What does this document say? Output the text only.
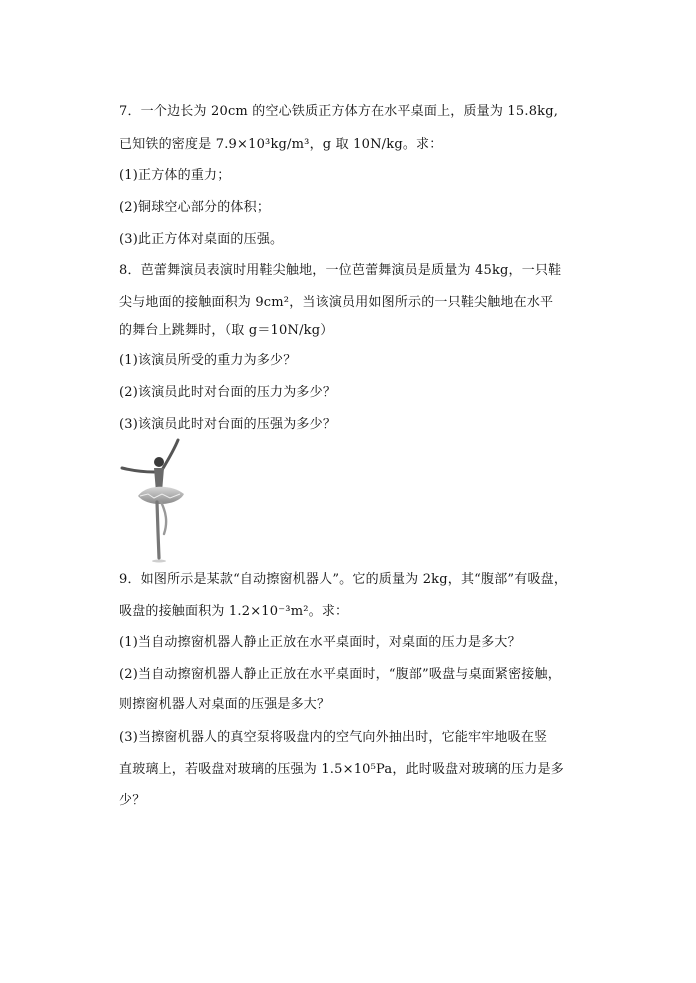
7．一个边长为 20cm 的空心铁质正方体方在水平桌面上，质量为 15.8kg,
已知铁的密度是 7.9×10³kg/m³，g 取 10N/kg。求：
(1)正方体的重力；
(2)铜球空心部分的体积；
(3)此正方体对桌面的压强。
8．芭蕾舞演员表演时用鞋尖触地，一位芭蕾舞演员是质量为 45kg，一只鞋
尖与地面的接触面积为 9cm²，当该演员用如图所示的一只鞋尖触地在水平
的舞台上跳舞时，（取 g＝10N/kg）
(1)该演员所受的重力为多少？
(2)该演员此时对台面的压力为多少？
(3)该演员此时对台面的压强为多少？
9．如图所示是某款“自动擦窗机器人”。它的质量为 2kg，其“腹部”有吸盘，
吸盘的接触面积为 1.2×10⁻³m²。求：
(1)当自动擦窗机器人静止正放在水平桌面时，对桌面的压力是多大？
(2)当自动擦窗机器人静止正放在水平桌面时，“腹部”吸盘与桌面紧密接触，
则擦窗机器人对桌面的压强是多大？
(3)当擦窗机器人的真空泵将吸盘内的空气向外抽出时，它能牢牢地吸在竖
直玻璃上，若吸盘对玻璃的压强为 1.5×10⁵Pa，此时吸盘对玻璃的压力是多
少？
